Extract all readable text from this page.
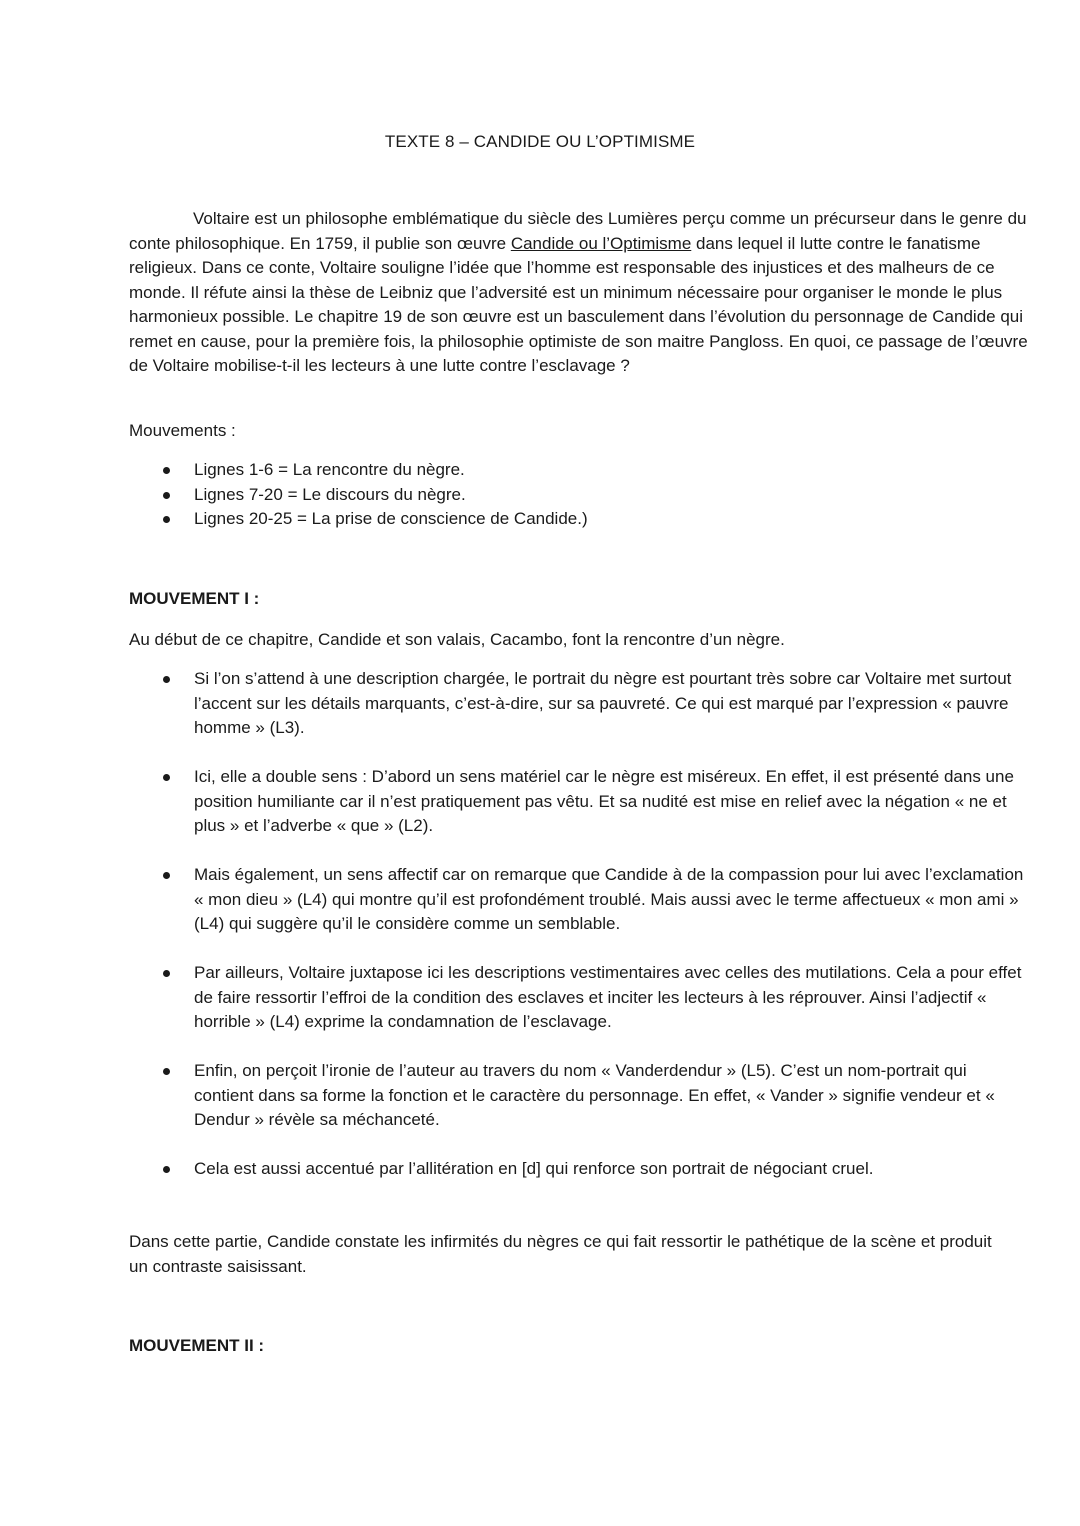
TEXTE 8 – CANDIDE OU L’OPTIMISME

Voltaire est un philosophe emblématique du siècle des Lumières perçu comme un précurseur dans le genre du conte philosophique. En 1759, il publie son œuvre Candide ou l’Optimisme dans lequel il lutte contre le fanatisme religieux. Dans ce conte, Voltaire souligne l’idée que l’homme est responsable des injustices et des malheurs de ce monde. Il réfute ainsi la thèse de Leibniz que l’adversité est un minimum nécessaire pour organiser le monde le plus harmonieux possible. Le chapitre 19 de son œuvre est un basculement dans l’évolution du personnage de Candide qui remet en cause, pour la première fois, la philosophie optimiste de son maitre Pangloss. En quoi, ce passage de l’œuvre de Voltaire mobilise-t-il les lecteurs à une lutte contre l’esclavage ?

Mouvements :
Lignes 1-6 = La rencontre du nègre.
Lignes 7-20 = Le discours du nègre.
Lignes 20-25 = La prise de conscience de Candide.)
MOUVEMENT I :
Au début de ce chapitre, Candide et son valais, Cacambo, font la rencontre d’un nègre.
Si l’on s’attend à une description chargée, le portrait du nègre est pourtant très sobre car Voltaire met surtout l’accent sur les détails marquants, c’est-à-dire, sur sa pauvreté. Ce qui est marqué par l’expression « pauvre homme » (L3).
Ici, elle a double sens : D’abord un sens matériel car le nègre est miséreux. En effet, il est présenté dans une position humiliante car il n’est pratiquement pas vêtu. Et sa nudité est mise en relief avec la négation « ne et plus » et l’adverbe « que » (L2).
Mais également, un sens affectif car on remarque que Candide à de la compassion pour lui avec l’exclamation « mon dieu » (L4) qui montre qu’il est profondément troublé. Mais aussi avec le terme affectueux « mon ami » (L4) qui suggère qu’il le considère comme un semblable.
Par ailleurs, Voltaire juxtapose ici les descriptions vestimentaires avec celles des mutilations. Cela a pour effet de faire ressortir l’effroi de la condition des esclaves et inciter les lecteurs à les réprouver. Ainsi l’adjectif « horrible » (L4) exprime la condamnation de l’esclavage.
Enfin, on perçoit l’ironie de l’auteur au travers du nom « Vanderdendur » (L5). C’est un nom-portrait qui contient dans sa forme la fonction et le caractère du personnage. En effet, « Vander » signifie vendeur et « Dendur » révèle sa méchanceté.
Cela est aussi accentué par l’allitération en [d] qui renforce son portrait de négociant cruel.
Dans cette partie, Candide constate les infirmités du nègres ce qui fait ressortir le pathétique de la scène et produit un contraste saisissant.
MOUVEMENT II :
